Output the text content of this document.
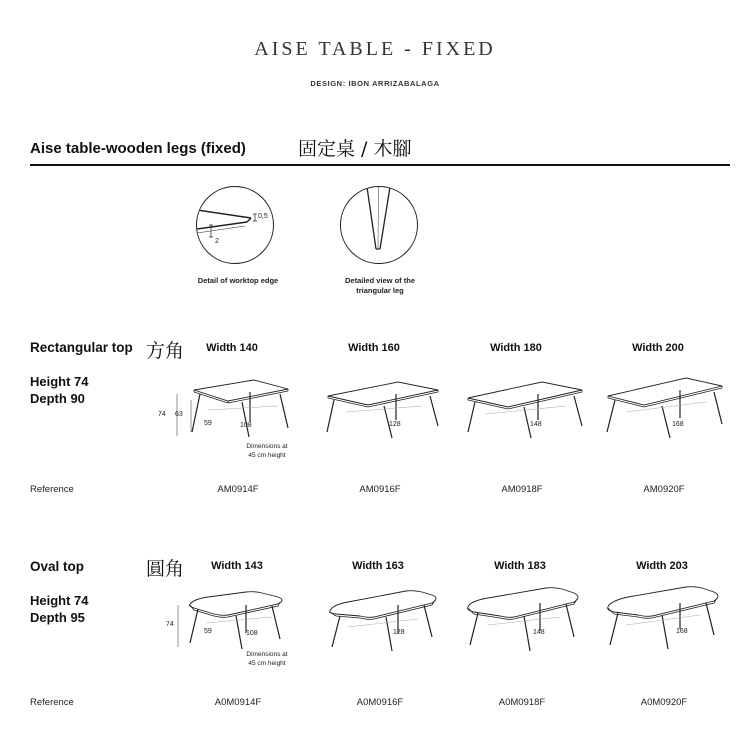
AISE TABLE - FIXED
DESIGN: IBON ARRIZABALAGA
Aise table-wooden legs (fixed)	固定桌 / 木腳
0,5
2
Detail of worktop edge	Detailed view of the
triangular leg
Rectangular top 方角
Height 74
Depth 90
Width 140	Width 160	Width 180	Width 200
74 63
59	108
Dimensions at
45 cm height
128	148	168
Reference	AM0914F	AM0916F	AM0918F	AM0920F
Oval top	圓角
Height 74
Depth 95
Width 143	Width 163	Width 183	Width 203
74
59	108
Dimensions at
45 cm height
128	148	168
Reference	A0M0914F	A0M0916F	A0M0918F	A0M0920F
